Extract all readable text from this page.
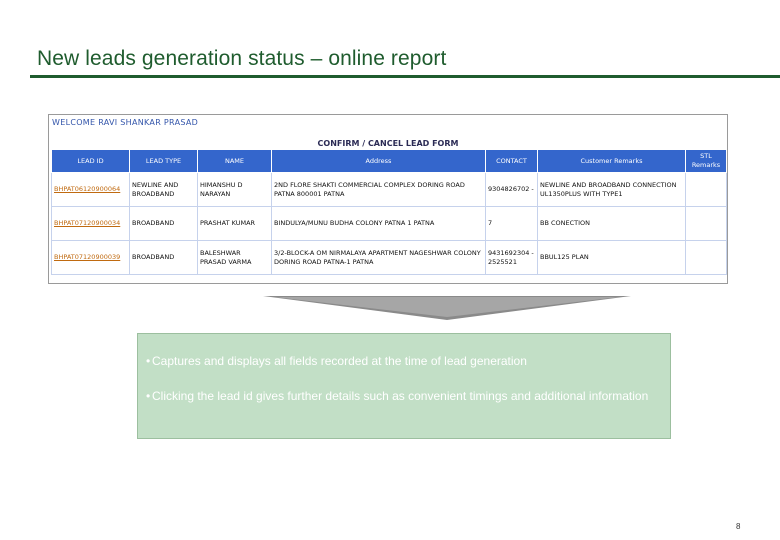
New leads generation status – online report
WELCOME RAVI SHANKAR PRASAD
CONFIRM / CANCEL LEAD FORM
LEAD ID	LEAD TYPE	NAME	Address	CONTACT	Customer Remarks	STL Remarks
BHPAT06120900064	NEWLINE AND BROADBAND	HIMANSHU D NARAYAN	2ND FLORE SHAKTI COMMERCIAL COMPLEX DORING ROAD PATNA 800001 PATNA	9304826702 -	NEWLINE AND BROADBAND CONNECTION UL1350PLUS WITH TYPE1	
BHPAT07120900034	BROADBAND	PRASHAT KUMAR	BINDULYA/MUNU BUDHA COLONY PATNA 1 PATNA	7	BB CONECTION	
BHPAT07120900039	BROADBAND	BALESHWAR PRASAD VARMA	3/2-BLOCK-A OM NIRMALAYA APARTMENT NAGESHWAR COLONY DORING ROAD PATNA-1 PATNA	9431692304 - 2525521	BBUL125 PLAN	
• Captures and displays all fields recorded at the time of lead generation
• Clicking the lead id gives further details such as convenient timings and additional information
8
